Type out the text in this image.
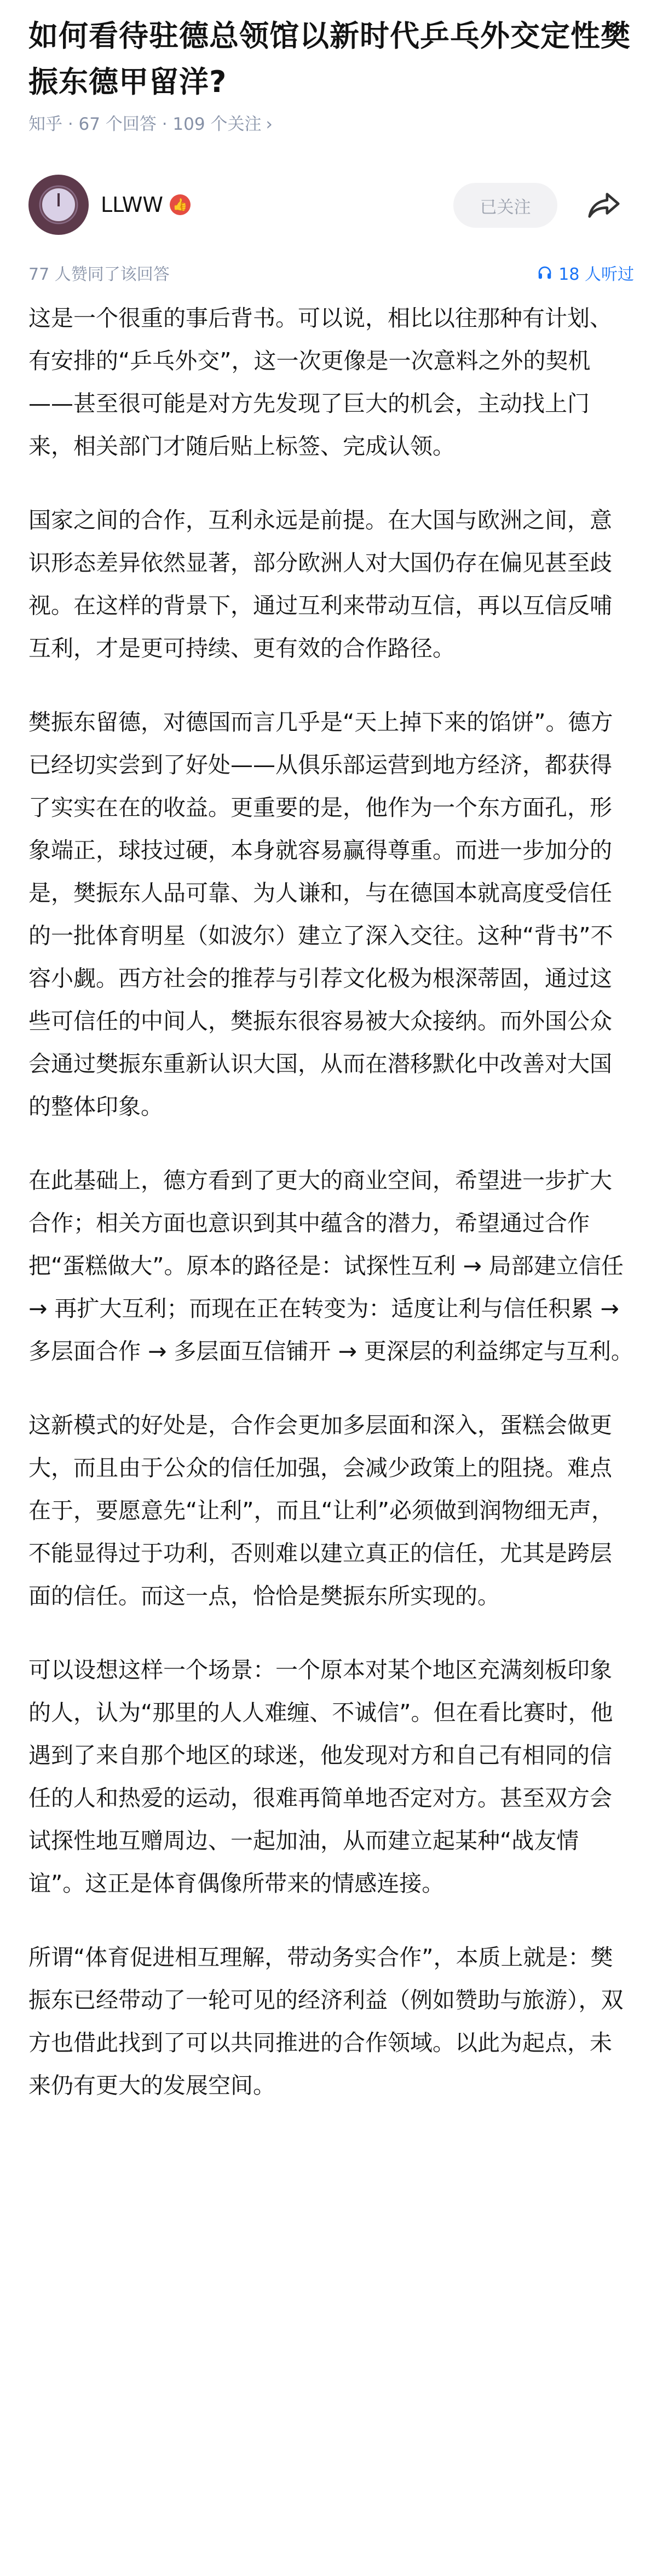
如何看待驻德总领馆以新时代乒乓外交定性樊振东德甲留洋?
知乎 · 67 个回答 · 109 个关注 ›
LLWW 👍	已关注
77 人赞同了该回答	18 人听过

这是一个很重的事后背书。可以说，相比以往那种有计划、有安排的“乒乓外交”，这一次更像是一次意料之外的契机——甚至很可能是对方先发现了巨大的机会，主动找上门来，相关部门才随后贴上标签、完成认领。

国家之间的合作，互利永远是前提。在大国与欧洲之间，意识形态差异依然显著，部分欧洲人对大国仍存在偏见甚至歧视。在这样的背景下，通过互利来带动互信，再以互信反哺互利，才是更可持续、更有效的合作路径。

樊振东留德，对德国而言几乎是“天上掉下来的馅饼”。德方已经切实尝到了好处——从俱乐部运营到地方经济，都获得了实实在在的收益。更重要的是，他作为一个东方面孔，形象端正，球技过硬，本身就容易赢得尊重。而进一步加分的是，樊振东人品可靠、为人谦和，与在德国本就高度受信任的一批体育明星（如波尔）建立了深入交往。这种“背书”不容小觑。西方社会的推荐与引荐文化极为根深蒂固，通过这些可信任的中间人，樊振东很容易被大众接纳。而外国公众会通过樊振东重新认识大国，从而在潜移默化中改善对大国的整体印象。

在此基础上，德方看到了更大的商业空间，希望进一步扩大合作；相关方面也意识到其中蕴含的潜力，希望通过合作把“蛋糕做大”。原本的路径是：试探性互利 → 局部建立信任 → 再扩大互利；而现在正在转变为：适度让利与信任积累 → 多层面合作 → 多层面互信铺开 → 更深层的利益绑定与互利。

这新模式的好处是，合作会更加多层面和深入，蛋糕会做更大，而且由于公众的信任加强，会减少政策上的阻挠。难点在于，要愿意先“让利”，而且“让利”必须做到润物细无声，不能显得过于功利，否则难以建立真正的信任，尤其是跨层面的信任。而这一点，恰恰是樊振东所实现的。

可以设想这样一个场景：一个原本对某个地区充满刻板印象的人，认为“那里的人人难缠、不诚信”。但在看比赛时，他遇到了来自那个地区的球迷，他发现对方和自己有相同的信任的人和热爱的运动，很难再简单地否定对方。甚至双方会试探性地互赠周边、一起加油，从而建立起某种“战友情谊”。这正是体育偶像所带来的情感连接。

所谓“体育促进相互理解，带动务实合作”，本质上就是：樊振东已经带动了一轮可见的经济利益（例如赞助与旅游），双方也借此找到了可以共同推进的合作领域。以此为起点，未来仍有更大的发展空间。
